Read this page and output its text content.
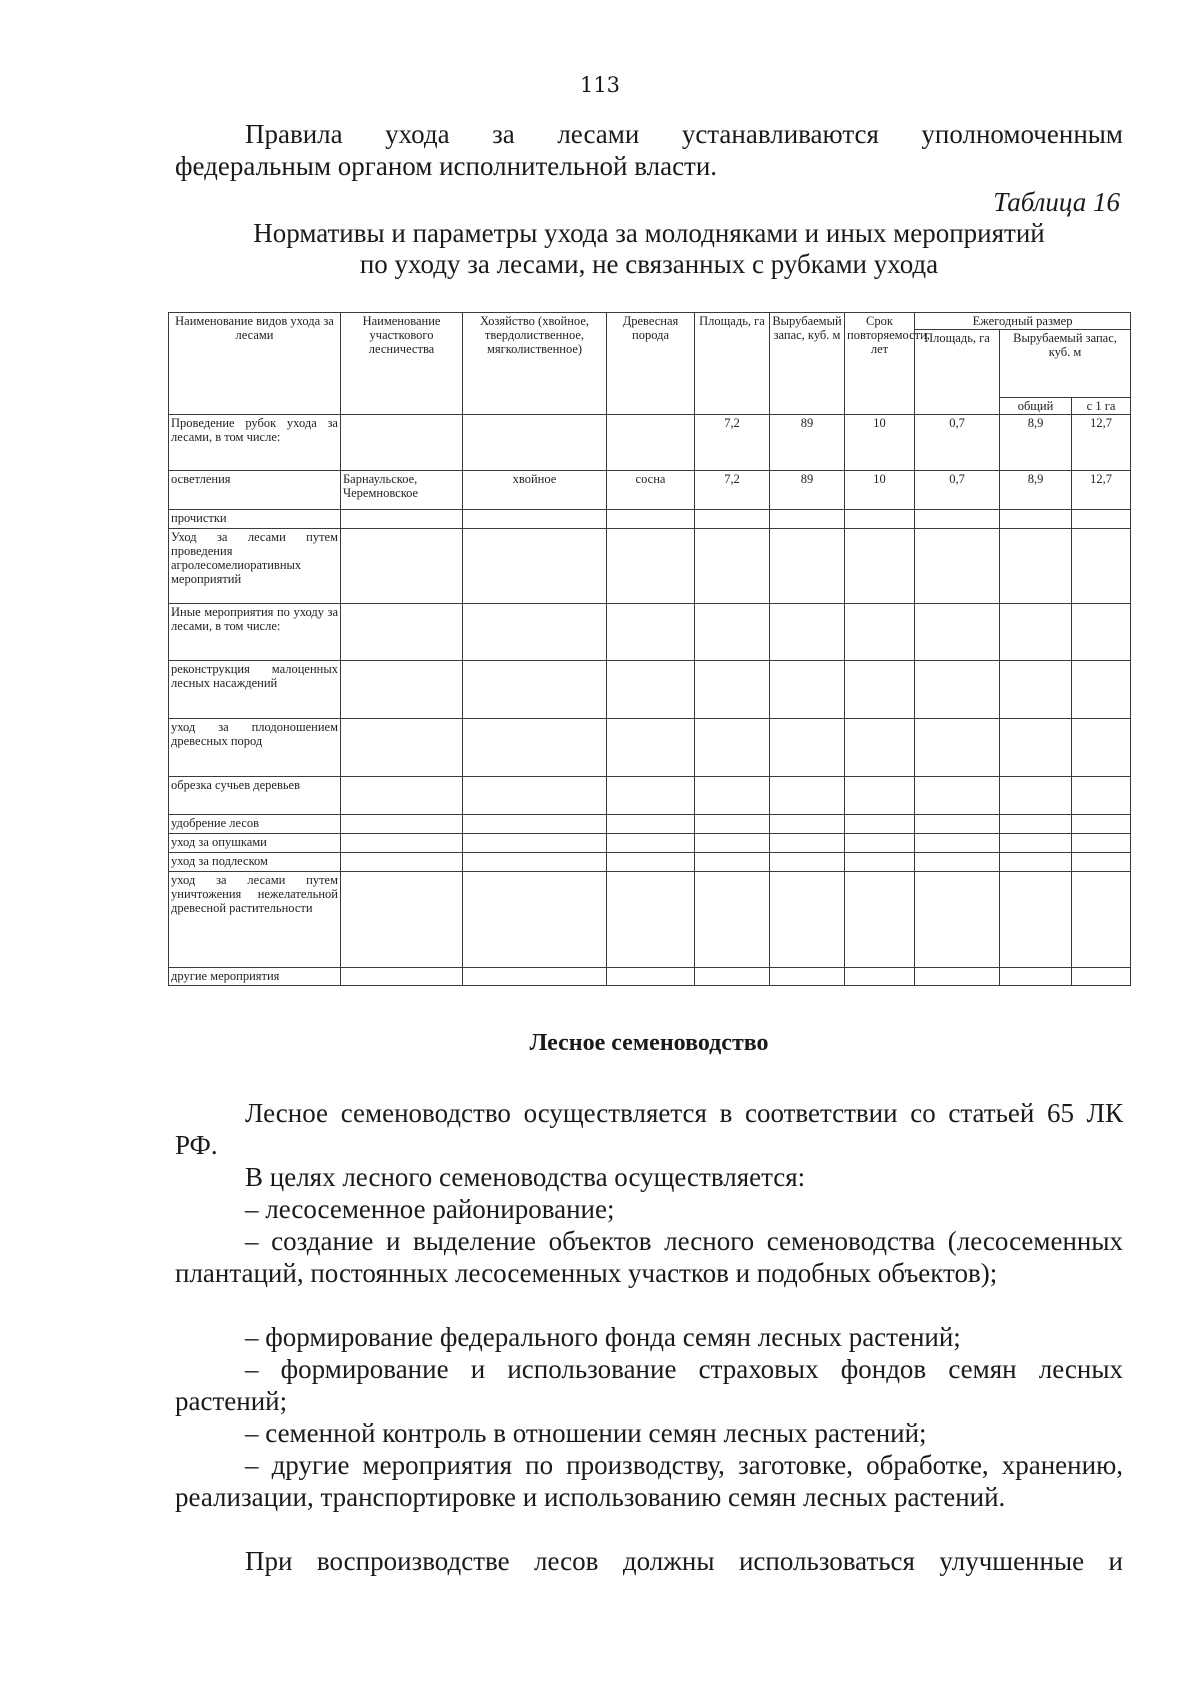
113

Правила ухода за лесами устанавливаются уполномоченным

федеральным органом исполнительной власти.

Таблица 16
Нормативы и параметры ухода за молодняками и иных мероприятий
по уходу за лесами, не связанных с рубками ухода
Наименование видов ухода за лесами	Наименование участкового лесничества	Хозяйство (хвойное, твердолиственное, мягколиственное)	Древесная порода	Площадь, га	Вырубаемый запас, куб. м	Срок повторяемости, лет	Ежегодный размер		
							Площадь, га	Вырубаемый запас, куб. м	
								общий	с 1 га
Проведение рубок ухода за лесами, в том числе:				7,2	89	10	0,7	8,9	12,7
осветления	Барнаульское, Черемновское	хвойное	сосна	7,2	89	10	0,7	8,9	12,7
прочистки									
Уход за лесами путем проведения агролесомелиоративных мероприятий									
Иные мероприятия по уходу за лесами, в том числе:									
реконструкция малоценных лесных насаждений									
уход за плодоношением древесных пород									
обрезка сучьев деревьев									
удобрение лесов									
уход за опушками									
уход за подлеском									
уход за лесами путем уничтожения нежелательной древесной растительности									
другие мероприятия									
Лесное семеноводство

Лесное семеноводство осуществляется в соответствии со статьей 65 ЛК РФ.

В целях лесного семеноводства осуществляется:

– лесосеменное районирование;

– создание и выделение объектов лесного семеноводства (лесосеменных плантаций, постоянных лесосеменных участков и подобных объектов);

– формирование федерального фонда семян лесных растений;

– формирование и использование страховых фондов семян лесных растений;

– семенной контроль в отношении семян лесных растений;

– другие мероприятия по производству, заготовке, обработке, хранению, реализации, транспортировке и использованию семян лесных растений.

При воспроизводстве лесов должны использоваться улучшенные и
